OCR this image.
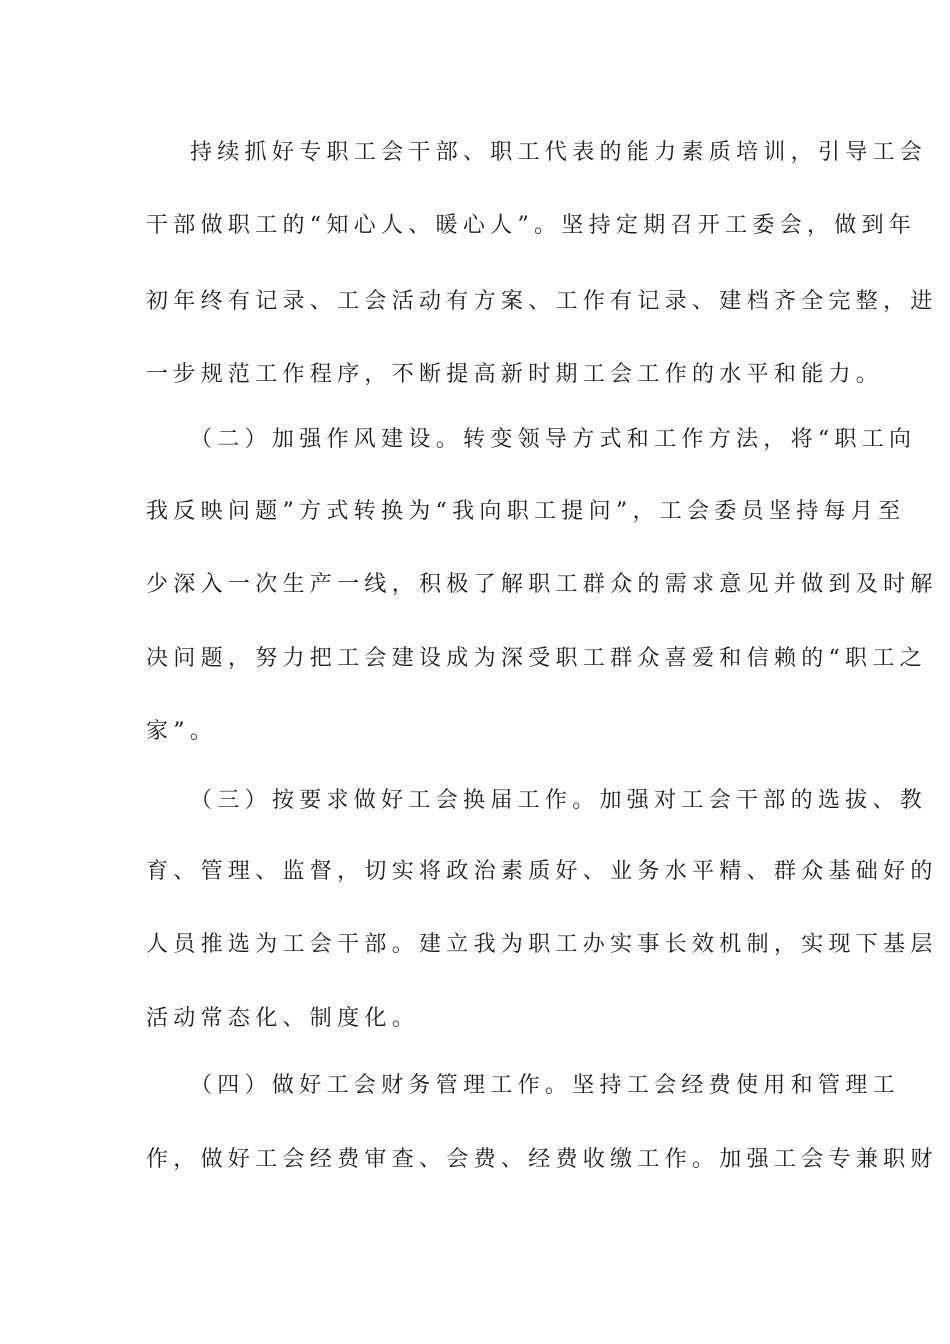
持续抓好专职工会干部、职工代表的能力素质培训，引导工会
干部做职工的“知心人、暖心人”。坚持定期召开工委会，做到年
初年终有记录、工会活动有方案、工作有记录、建档齐全完整，进
一步规范工作程序，不断提高新时期工会工作的水平和能力。
（二）加强作风建设。转变领导方式和工作方法，将“职工向
我反映问题”方式转换为“我向职工提问”，工会委员坚持每月至
少深入一次生产一线，积极了解职工群众的需求意见并做到及时解
决问题，努力把工会建设成为深受职工群众喜爱和信赖的“职工之
家”。
（三）按要求做好工会换届工作。加强对工会干部的选拔、教
育、管理、监督，切实将政治素质好、业务水平精、群众基础好的
人员推选为工会干部。建立我为职工办实事长效机制，实现下基层
活动常态化、制度化。
（四）做好工会财务管理工作。坚持工会经费使用和管理工
作，做好工会经费审查、会费、经费收缴工作。加强工会专兼职财
